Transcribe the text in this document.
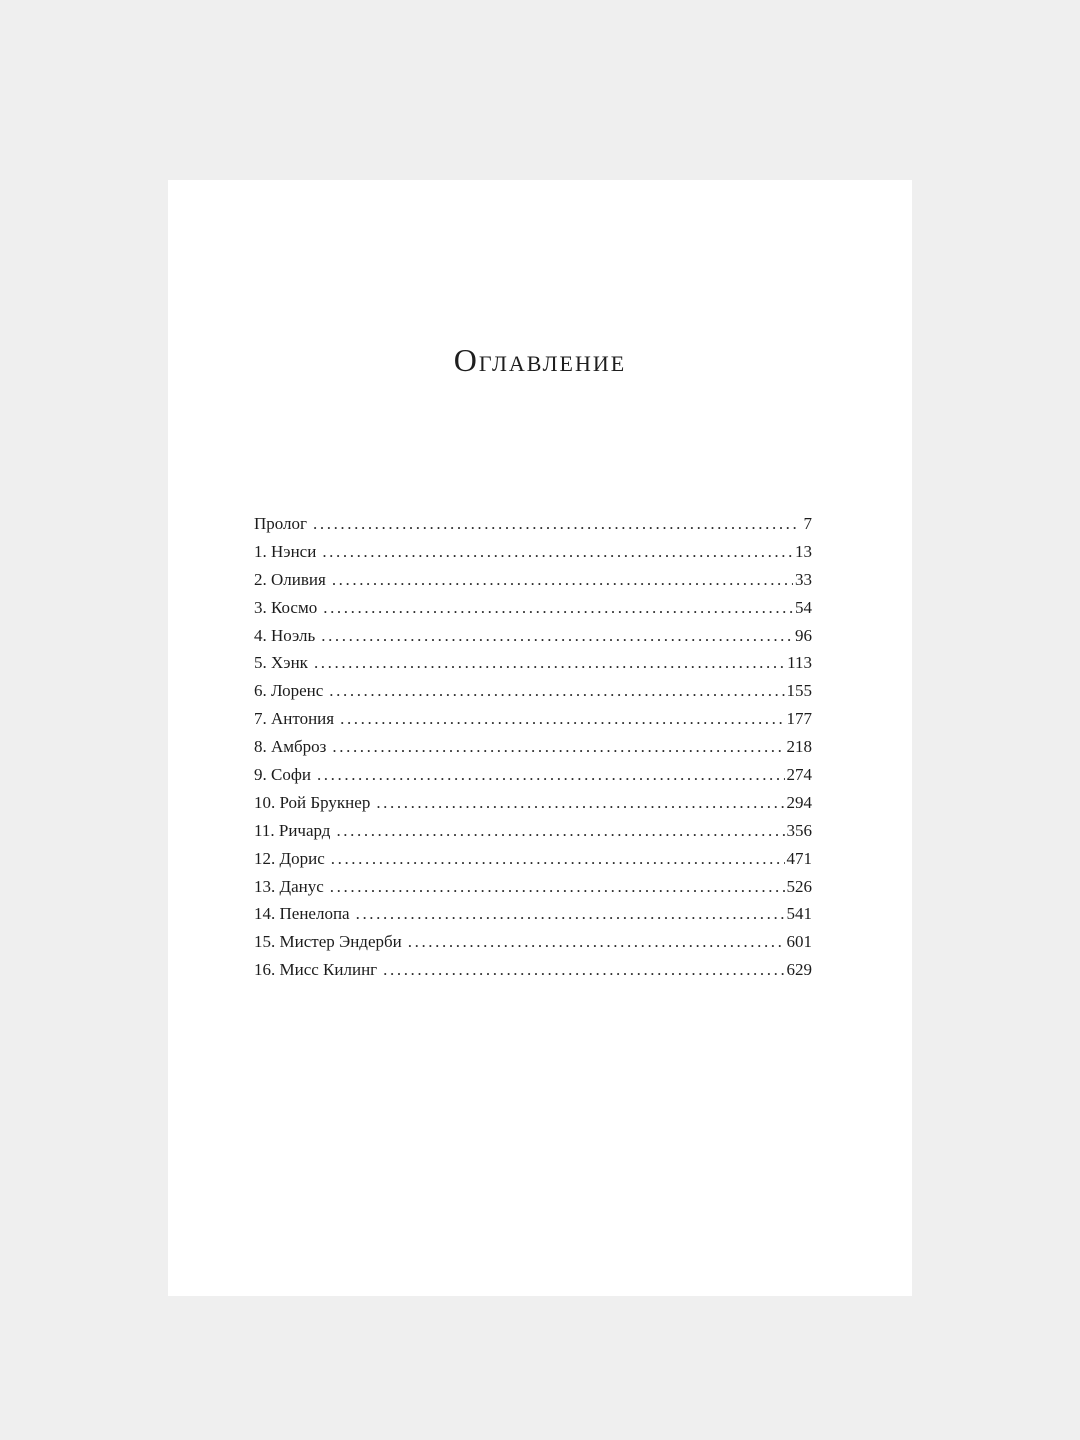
Оглавление
Пролог .....	7
1. Нэнси .....	13
2. Оливия .....	33
3. Космо .....	54
4. Ноэль .....	96
5. Хэнк .....	113
6. Лоренс .....	155
7. Антония .....	177
8. Амброз .....	218
9. Софи .....	274
10. Рой Брукнер .....	294
11. Ричард .....	356
12. Дорис .....	471
13. Данус .....	526
14. Пенелопа .....	541
15. Мистер Эндерби .....	601
16. Мисс Килинг .....	629
